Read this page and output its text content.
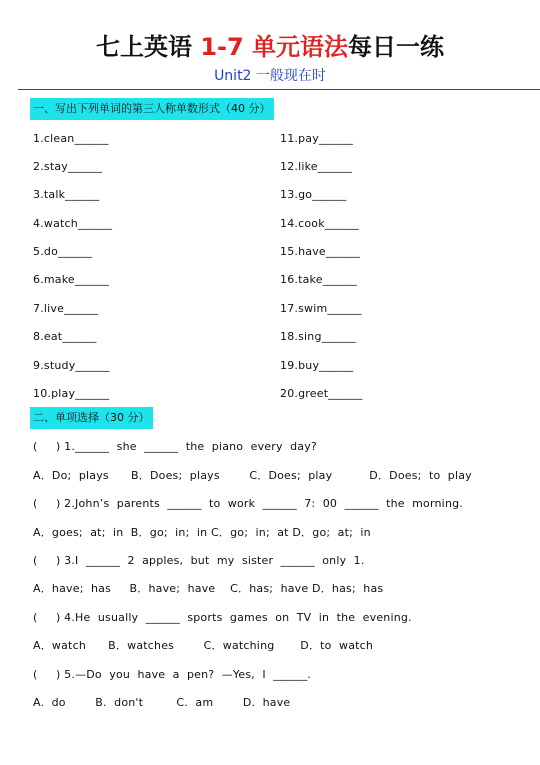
七上英语 1-7 单元语法每日一练
Unit2 一般现在时
一、写出下列单词的第三人称单数形式（40 分）
1.clean______
2.stay______
3.talk______
4.watch______
5.do______
6.make______
7.live______
8.eat______
9.study______
10.play______
11.pay______
12.like______
13.go______
14.cook______
15.have______
16.take______
17.swim______
18.sing______
19.buy______
20.greet______
二、单项选择（30 分）
(     ) 1.______  she  ______  the  piano  every  day?
A．Do;  plays      B．Does;  plays        C．Does;  play          D．Does;  to  play
(     ) 2.John’s  parents  ______  to  work  ______  7:  00  ______  the  morning.
A．goes;  at;  in  B．go;  in;  in C．go;  in;  at D．go;  at;  in
(     ) 3.I  ______  2  apples,  but  my  sister  ______  only  1.
A．have;  has     B．have;  have    C．has;  have D．has;  has
(     ) 4.He  usually  ______  sports  games  on  TV  in  the  evening.
A．watch      B．watches        C．watching       D．to  watch
(     ) 5.—Do  you  have  a  pen?  —Yes,  I  ______.
A.  do        B.  don't         C.  am        D.  have
